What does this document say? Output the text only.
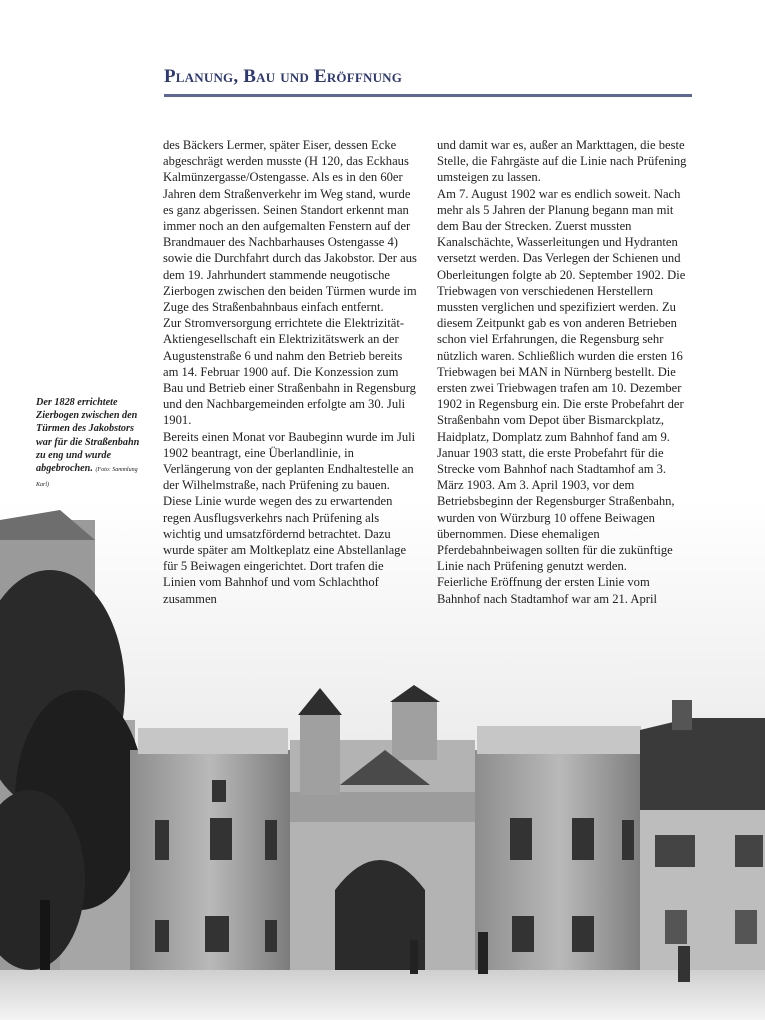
Planung, Bau und Eröffnung
Der 1828 errichtete Zierbogen zwischen den Türmen des Jakobstors war für die Straßenbahn zu eng und wurde abgebrochen. (Foto: Sammlung Karl)

des Bäckers Lermer, später Eiser, dessen Ecke abgeschrägt werden musste (H 120, das Eckhaus Kalmünzergasse/Ostengasse. Als es in den 60er Jahren dem Straßenverkehr im Weg stand, wurde es ganz abgerissen. Seinen Standort erkennt man immer noch an den aufgemalten Fenstern auf der Brandmauer des Nachbarhauses Ostengasse 4) sowie die Durchfahrt durch das Jakobstor. Der aus dem 19. Jahrhundert stammende neugotische Zierbogen zwischen den beiden Türmen wurde im Zuge des Straßenbahnbaus einfach entfernt.

Zur Stromversorgung errichtete die Elektrizität-Aktiengesellschaft ein Elektrizitätswerk an der Augustenstraße 6 und nahm den Betrieb bereits am 14. Februar 1900 auf. Die Konzession zum Bau und Betrieb einer Straßenbahn in Regensburg und den Nachbargemeinden erfolgte am 30. Juli 1901.

Bereits einen Monat vor Baubeginn wurde im Juli 1902 beantragt, eine Überlandlinie, in Verlängerung von der geplanten Endhaltestelle an der Wilhelmstraße, nach Prüfening zu bauen. Diese Linie wurde wegen des zu erwartenden regen Ausflugsverkehrs nach Prüfening als wichtig und umsatzfördernd betrachtet. Dazu wurde später am Moltkeplatz eine Abstellanlage für 5 Beiwagen eingerichtet. Dort trafen die Linien vom Bahnhof und vom Schlachthof zusammen

und damit war es, außer an Markttagen, die beste Stelle, die Fahrgäste auf die Linie nach Prüfening umsteigen zu lassen.

Am 7. August 1902 war es endlich soweit. Nach mehr als 5 Jahren der Planung begann man mit dem Bau der Strecken. Zuerst mussten Kanalschächte, Wasserleitungen und Hydranten versetzt werden. Das Verlegen der Schienen und Oberleitungen folgte ab 20. September 1902. Die Triebwagen von verschiedenen Herstellern mussten verglichen und spezifiziert werden. Zu diesem Zeitpunkt gab es von anderen Betrieben schon viel Erfahrungen, die Regensburg sehr nützlich waren. Schließlich wurden die ersten 16 Triebwagen bei MAN in Nürnberg bestellt. Die ersten zwei Triebwagen trafen am 10. Dezember 1902 in Regensburg ein. Die erste Probefahrt der Straßenbahn vom Depot über Bismarckplatz, Haidplatz, Domplatz zum Bahnhof fand am 9. Januar 1903 statt, die erste Probefahrt für die Strecke vom Bahnhof nach Stadtamhof am 3. März 1903. Am 3. April 1903, vor dem Betriebsbeginn der Regensburger Straßenbahn, wurden von Würzburg 10 offene Beiwagen übernommen. Diese ehemaligen Pferdebahnbeiwagen sollten für die zukünftige Linie nach Prüfening genutzt werden.

Feierliche Eröffnung der ersten Linie vom Bahnhof nach Stadtamhof war am 21. April
